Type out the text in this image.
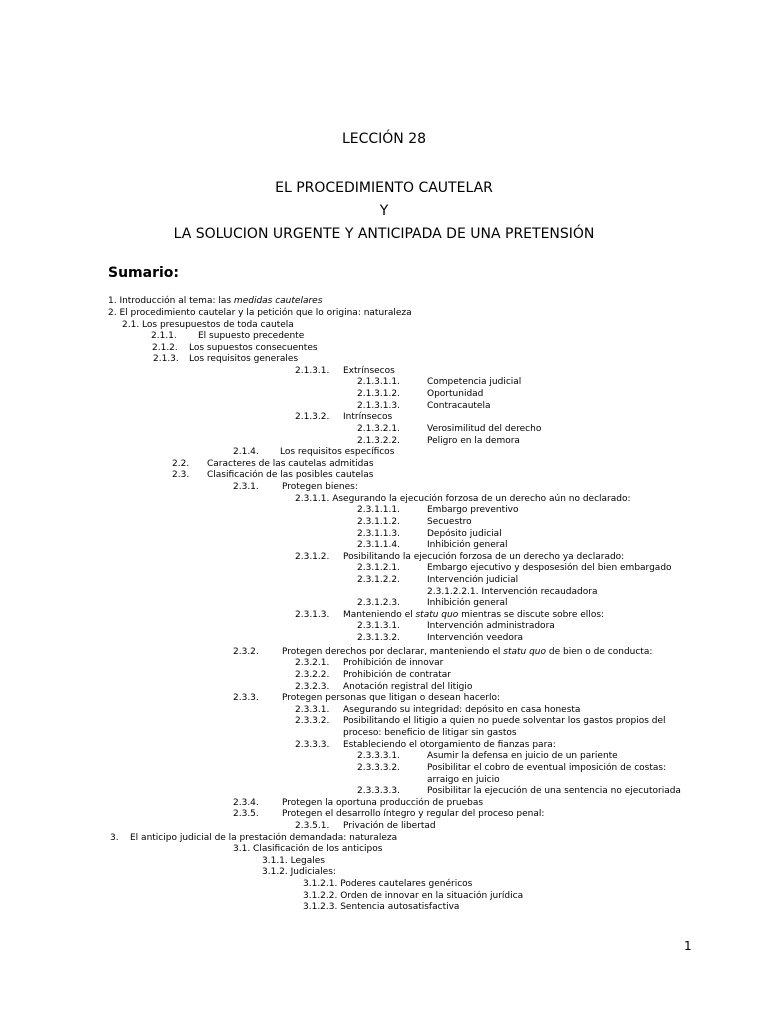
LECCIÓN 28
EL PROCEDIMIENTO CAUTELAR
Y
LA SOLUCION URGENTE Y ANTICIPADA DE UNA PRETENSIÓN
Sumario:
1. Introducción al tema: las medidas cautelares
2. El procedimiento cautelar y la petición que lo origina: naturaleza
2.1. Los presupuestos de toda cautela
2.1.1. El supuesto precedente
2.1.2. Los supuestos consecuentes
2.1.3. Los requisitos generales
2.1.3.1. Extrínsecos
2.1.3.1.1.	Competencia judicial
2.1.3.1.2.	Oportunidad
2.1.3.1.3.	Contracautela
2.1.3.2. Intrínsecos
2.1.3.2.1.	Verosimilitud del derecho
2.1.3.2.2.	Peligro en la demora
2.1.4. Los requisitos específicos
2.2. Caracteres de las cautelas admitidas
2.3. Clasificación de las posibles cautelas
2.3.1.	Protegen bienes:
2.3.1.1. Asegurando la ejecución forzosa de un derecho aún no declarado:
2.3.1.1.1.	Embargo preventivo
2.3.1.1.2.	Secuestro
2.3.1.1.3.	Depósito judicial
2.3.1.1.4.	Inhibición general
2.3.1.2. Posibilitando la ejecución forzosa de un derecho ya declarado:
2.3.1.2.1.	Embargo ejecutivo y desposesión del bien embargado
2.3.1.2.2.	Intervención judicial
2.3.1.2.2.1. Intervención recaudadora
2.3.1.2.3.	Inhibición general
2.3.1.3. Manteniendo el statu quo mientras se discute sobre ellos:
2.3.1.3.1.	Intervención administradora
2.3.1.3.2.	Intervención veedora
2.3.2.	Protegen derechos por declarar, manteniendo el statu quo de bien o de conducta:
2.3.2.1. Prohibición de innovar
2.3.2.2. Prohibición de contratar
2.3.2.3. Anotación registral del litigio
2.3.3.	Protegen personas que litigan o desean hacerlo:
2.3.3.1. Asegurando su integridad: depósito en casa honesta
2.3.3.2. Posibilitando el litigio a quien no puede solventar los gastos propios del
proceso: beneficio de litigar sin gastos
2.3.3.3. Estableciendo el otorgamiento de fianzas para:
2.3.3.3.1.	Asumir la defensa en juicio de un pariente
2.3.3.3.2.	Posibilitar el cobro de eventual imposición de costas:
arraigo en juicio
2.3.3.3.3.	Posibilitar la ejecución de una sentencia no ejecutoriada
2.3.4.	Protegen la oportuna producción de pruebas
2.3.5.	Protegen el desarrollo íntegro y regular del proceso penal:
2.3.5.1. Privación de libertad
3. El anticipo judicial de la prestación demandada: naturaleza
3.1. Clasificación de los anticipos
3.1.1. Legales
3.1.2. Judiciales:
3.1.2.1. Poderes cautelares genéricos
3.1.2.2. Orden de innovar en la situación jurídica
3.1.2.3. Sentencia autosatisfactiva
1
